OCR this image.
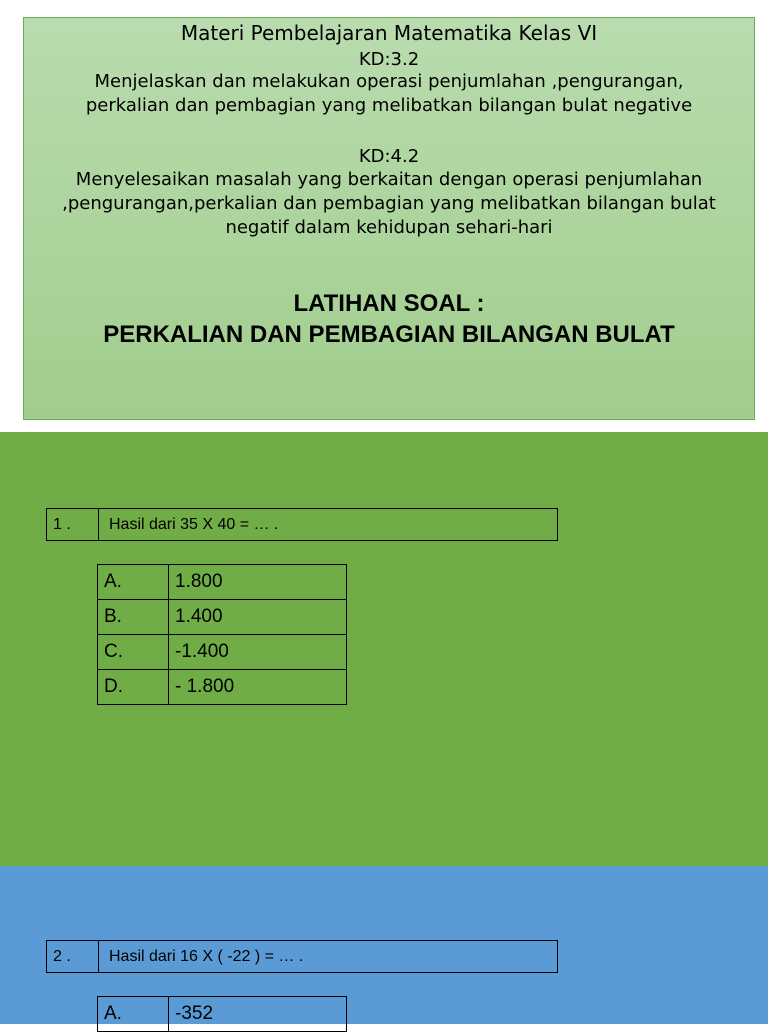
Materi Pembelajaran Matematika Kelas VI
KD:3.2
Menjelaskan dan melakukan operasi penjumlahan ,pengurangan,
perkalian dan pembagian yang melibatkan bilangan bulat negative
KD:4.2
Menyelesaikan masalah yang berkaitan dengan operasi penjumlahan
,pengurangan,perkalian dan pembagian yang melibatkan bilangan bulat
negatif dalam kehidupan sehari-hari
LATIHAN SOAL :
PERKALIAN DAN PEMBAGIAN BILANGAN BULAT
1 .	Hasil dari 35 X 40 = … .
A.	1.800
B.	1.400
C.	-1.400
D.	- 1.800
2 .	Hasil dari 16 X ( -22 ) = … .
A.	-352
